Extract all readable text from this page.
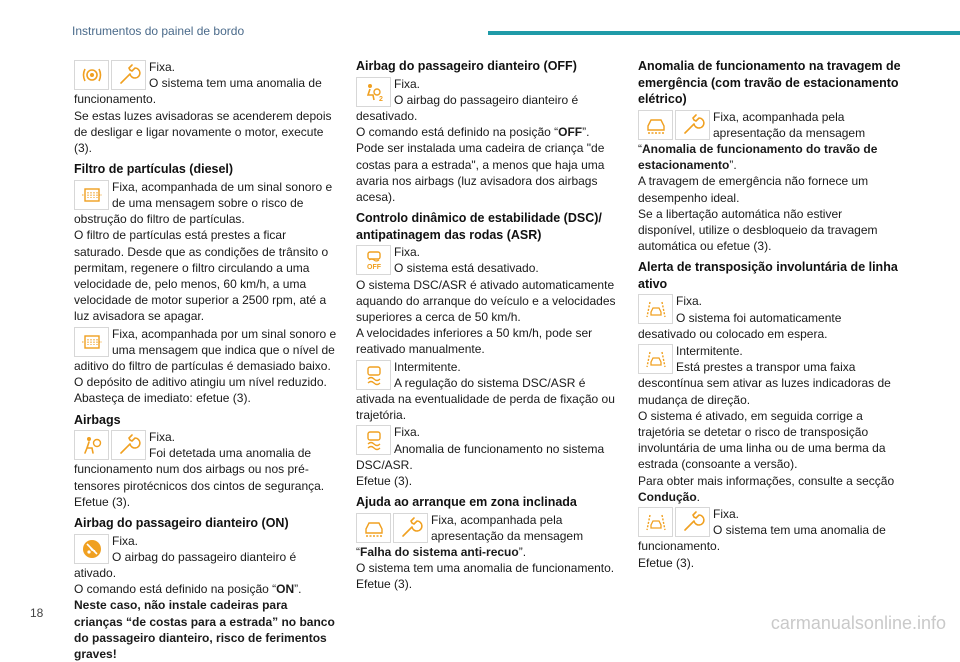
Instrumentos do painel de bordo
Fixa.
O sistema tem uma anomalia de funcionamento.
Se estas luzes avisadoras se acenderem depois de desligar e ligar novamente o motor, execute (3).
Filtro de partículas (diesel)
Fixa, acompanhada de um sinal sonoro e de uma mensagem sobre o risco de obstrução do filtro de partículas.
O filtro de partículas está prestes a ficar saturado. Desde que as condições de trânsito o permitam, regenere o filtro circulando a uma velocidade de, pelo menos, 60 km/h, a uma velocidade de motor superior a 2500 rpm, até a luz avisadora se apagar.
Fixa, acompanhada por um sinal sonoro e uma mensagem que indica que o nível de aditivo do filtro de partículas é demasiado baixo.
O depósito de aditivo atingiu um nível reduzido. Abasteça de imediato: efetue (3).
Airbags
Fixa.
Foi detetada uma anomalia de funcionamento num dos airbags ou nos pré-tensores pirotécnicos dos cintos de segurança.
Efetue (3).
Airbag do passageiro dianteiro (ON)
Fixa.
O airbag do passageiro dianteiro é ativado.
O comando está definido na posição “ON”.
Neste caso, não instale cadeiras para crianças “de costas para a estrada” no banco do passageiro dianteiro, risco de ferimentos graves!
Airbag do passageiro dianteiro (OFF)
2
Fixa.
O airbag do passageiro dianteiro é desativado.
O comando está definido na posição “OFF”.
Pode ser instalada uma cadeira de criança "de costas para a estrada", a menos que haja uma avaria nos airbags (luz avisadora dos airbags acesa).
Controlo dinâmico de estabilidade (DSC)/ antipatinagem das rodas (ASR)
OFF
Fixa.
O sistema está desativado.
O sistema DSC/ASR é ativado automaticamente aquando do arranque do veículo e a velocidades superiores a cerca de 50 km/h.
A velocidades inferiores a 50 km/h, pode ser reativado manualmente.
Intermitente.
A regulação do sistema DSC/ASR é ativada na eventualidade de perda de fixação ou trajetória.
Fixa.
Anomalia de funcionamento no sistema DSC/ASR.
Efetue (3).
Ajuda ao arranque em zona inclinada
Fixa, acompanhada pela apresentação da mensagem “Falha do sistema anti-recuo”.
O sistema tem uma anomalia de funcionamento.
Efetue (3).
Anomalia de funcionamento na travagem de emergência (com travão de estacionamento elétrico)
Fixa, acompanhada pela apresentação da mensagem “Anomalia de funcionamento do travão de estacionamento”.
A travagem de emergência não fornece um desempenho ideal.
Se a libertação automática não estiver disponível, utilize o desbloqueio da travagem automática ou efetue (3).
Alerta de transposição involuntária de linha ativo
Fixa.
O sistema foi automaticamente desativado ou colocado em espera.
Intermitente.
Está prestes a transpor uma faixa descontínua sem ativar as luzes indicadoras de mudança de direção.
O sistema é ativado, em seguida corrige a trajetória se detetar o risco de transposição involuntária de uma linha ou de uma berma da estrada (consoante a versão).
Para obter mais informações, consulte a secção
Condução.
Fixa.
O sistema tem uma anomalia de funcionamento.
Efetue (3).
18	carmanualsonline.info
